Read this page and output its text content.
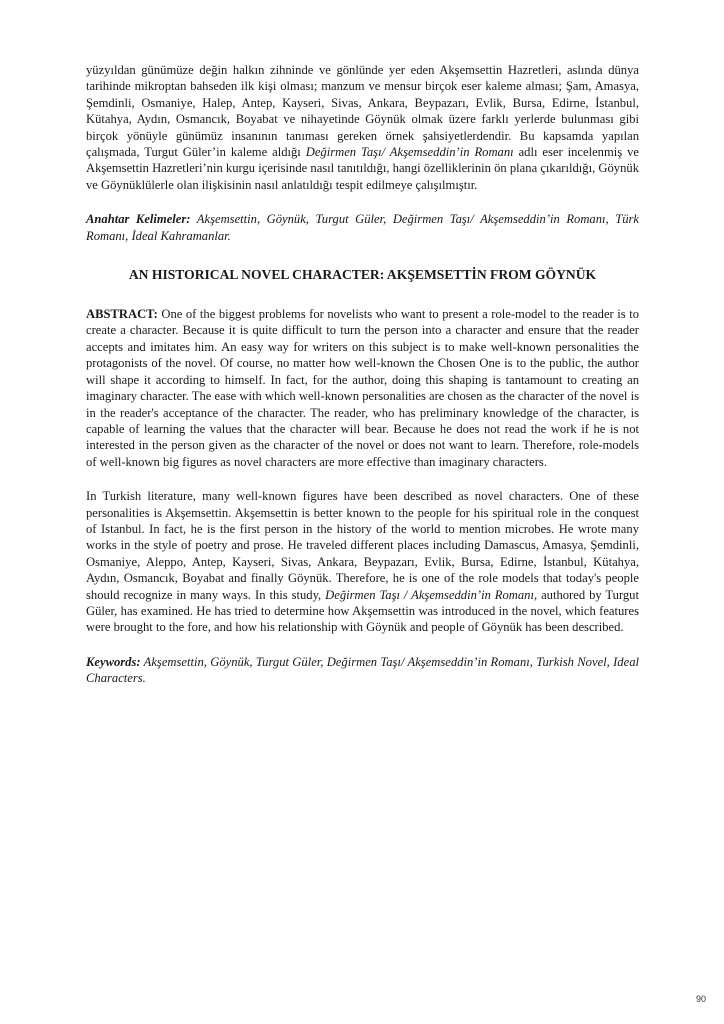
yüzyıldan günümüze değin halkın zihninde ve gönlünde yer eden Akşemsettin Hazretleri, aslında dünya tarihinde mikroptan bahseden ilk kişi olması; manzum ve mensur birçok eser kaleme alması; Şam, Amasya, Şemdinli, Osmaniye, Halep, Antep, Kayseri, Sivas, Ankara, Beypazarı, Evlik, Bursa, Edirne, İstanbul, Kütahya, Aydın, Osmancık, Boyabat ve nihayetinde Göynük olmak üzere farklı yerlerde bulunması gibi birçok yönüyle günümüz insanının tanıması gereken örnek şahsiyetlerdendir. Bu kapsamda yapılan çalışmada, Turgut Güler’in kaleme aldığı Değirmen Taşı/ Akşemseddin’in Romanı adlı eser incelenmiş ve Akşemsettin Hazretleri’nin kurgu içerisinde nasıl tanıtıldığı, hangi özelliklerinin ön plana çıkarıldığı, Göynük ve Göynüklülerle olan ilişkisinin nasıl anlatıldığı tespit edilmeye çalışılmıştır.

Anahtar Kelimeler: Akşemsettin, Göynük, Turgut Güler, Değirmen Taşı/ Akşemseddin’in Romanı, Türk Romanı, İdeal Kahramanlar.

AN HISTORICAL NOVEL CHARACTER: AKŞEMSETTİN FROM GÖYNÜK

ABSTRACT: One of the biggest problems for novelists who want to present a role-model to the reader is to create a character. Because it is quite difficult to turn the person into a character and ensure that the reader accepts and imitates him. An easy way for writers on this subject is to make well-known personalities the protagonists of the novel. Of course, no matter how well-known the Chosen One is to the public, the author will shape it according to himself. In fact, for the author, doing this shaping is tantamount to creating an imaginary character. The ease with which well-known personalities are chosen as the character of the novel is in the reader's acceptance of the character. The reader, who has preliminary knowledge of the character, is capable of learning the values that the character will bear. Because he does not read the work if he is not interested in the person given as the character of the novel or does not want to learn. Therefore, role-models of well-known big figures as novel characters are more effective than imaginary characters.

In Turkish literature, many well-known figures have been described as novel characters. One of these personalities is Akşemsettin. Akşemsettin is better known to the people for his spiritual role in the conquest of Istanbul. In fact, he is the first person in the history of the world to mention microbes. He wrote many works in the style of poetry and prose. He traveled different places including Damascus, Amasya, Şemdinli, Osmaniye, Aleppo, Antep, Kayseri, Sivas, Ankara, Beypazarı, Evlik, Bursa, Edirne, İstanbul, Kütahya, Aydın, Osmancık, Boyabat and finally Göynük. Therefore, he is one of the role models that today's people should recognize in many ways. In this study, Değirmen Taşı / Akşemseddin’in Romanı, authored by Turgut Güler, has examined. He has tried to determine how Akşemsettin was introduced in the novel, which features were brought to the fore, and how his relationship with Göynük and people of Göynük has been described.

Keywords: Akşemsettin, Göynük, Turgut Güler, Değirmen Taşı/ Akşemseddin’in Romanı, Turkish Novel, Ideal Characters.

90
